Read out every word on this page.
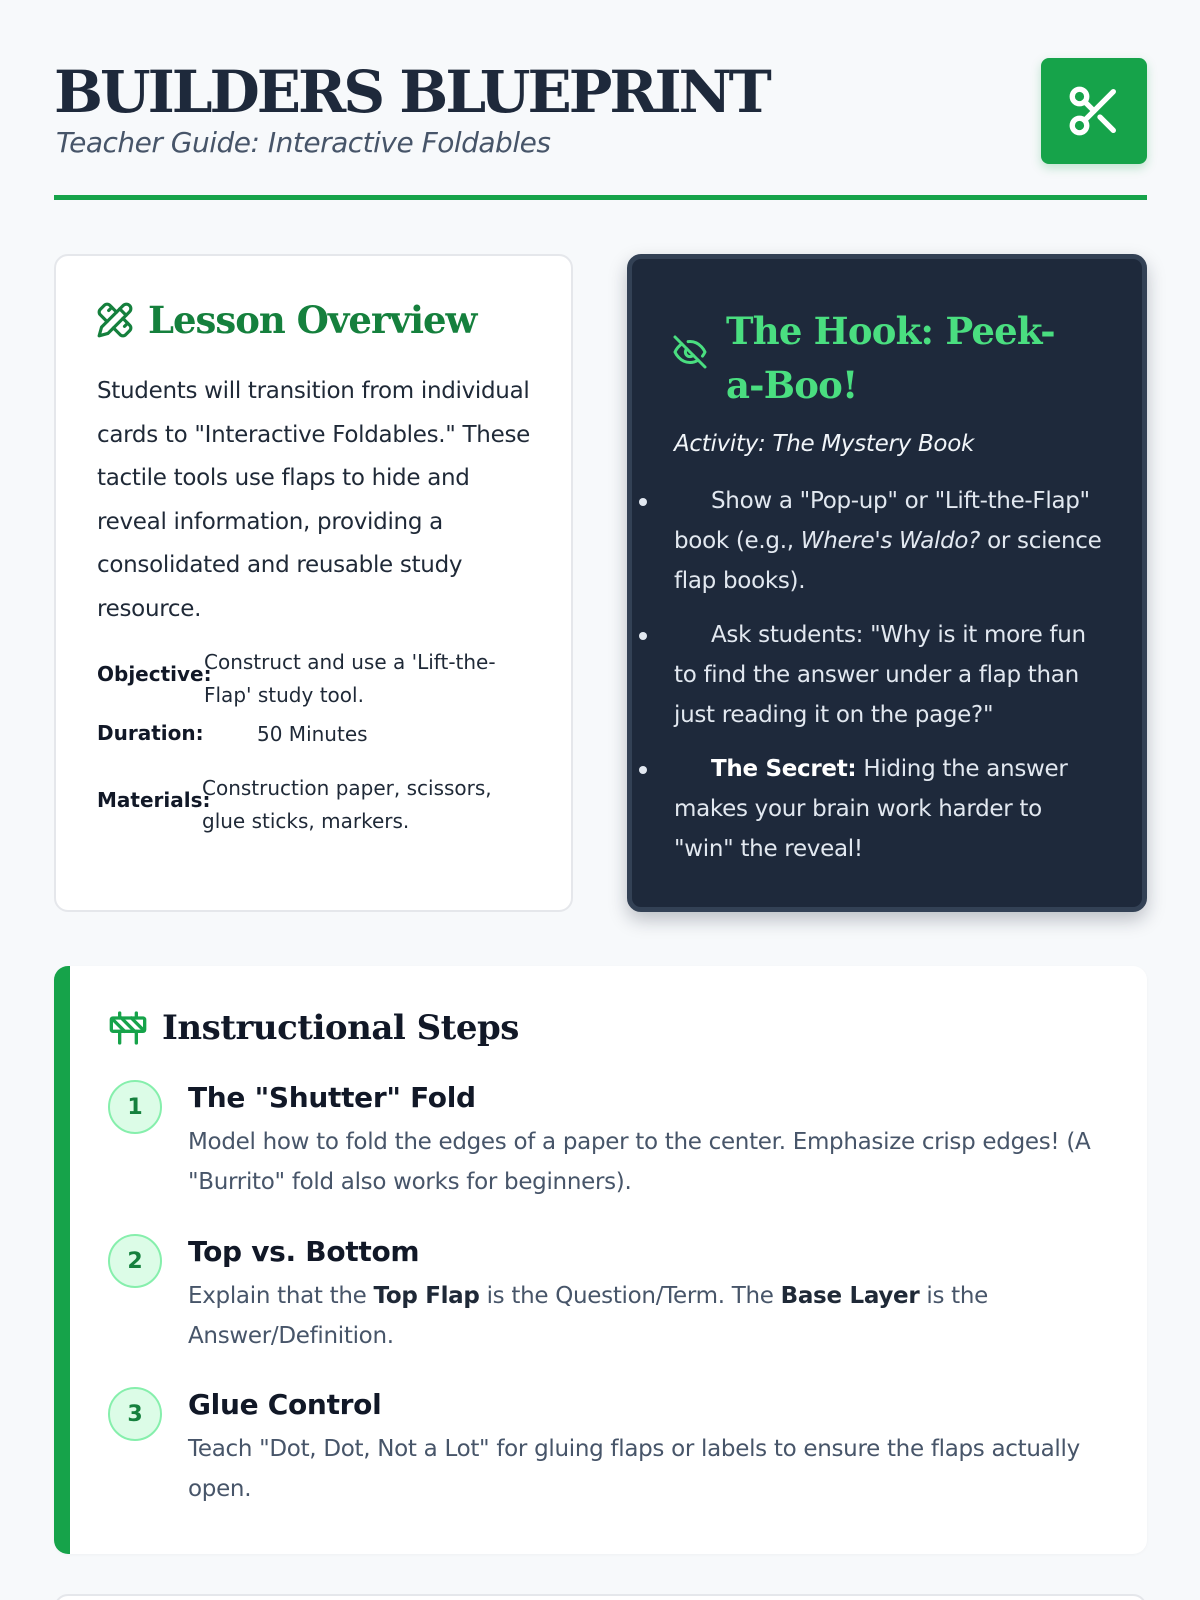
BUILDERS BLUEPRINT
Teacher Guide: Interactive Foldables
Lesson Overview

Students will transition from individual cards to "Interactive Foldables." These tactile tools use flaps to hide and reveal information, providing a consolidated and reusable study resource.

Objective:
Construct and use a 'Lift-the-Flap' study tool.
Duration:	50 Minutes
Materials:
Construction paper, scissors, glue sticks, markers.
The Hook: Peek-a-Boo!
Activity: The Mystery Book
Show a "Pop-up" or "Lift-the-Flap" book (e.g., Where's Waldo? or science flap books).
Ask students: "Why is it more fun to find the answer under a flap than just reading it on the page?"
The Secret: Hiding the answer makes your brain work harder to "win" the reveal!
Instructional Steps
1	The "Shutter" Fold
Model how to fold the edges of a paper to the center. Emphasize crisp edges! (A "Burrito" fold also works for beginners).
2	Top vs. Bottom
Explain that the Top Flap is the Question/Term. The Base Layer is the Answer/Definition.
3	Glue Control
Teach "Dot, Dot, Not a Lot" for gluing flaps or labels to ensure the flaps actually open.
